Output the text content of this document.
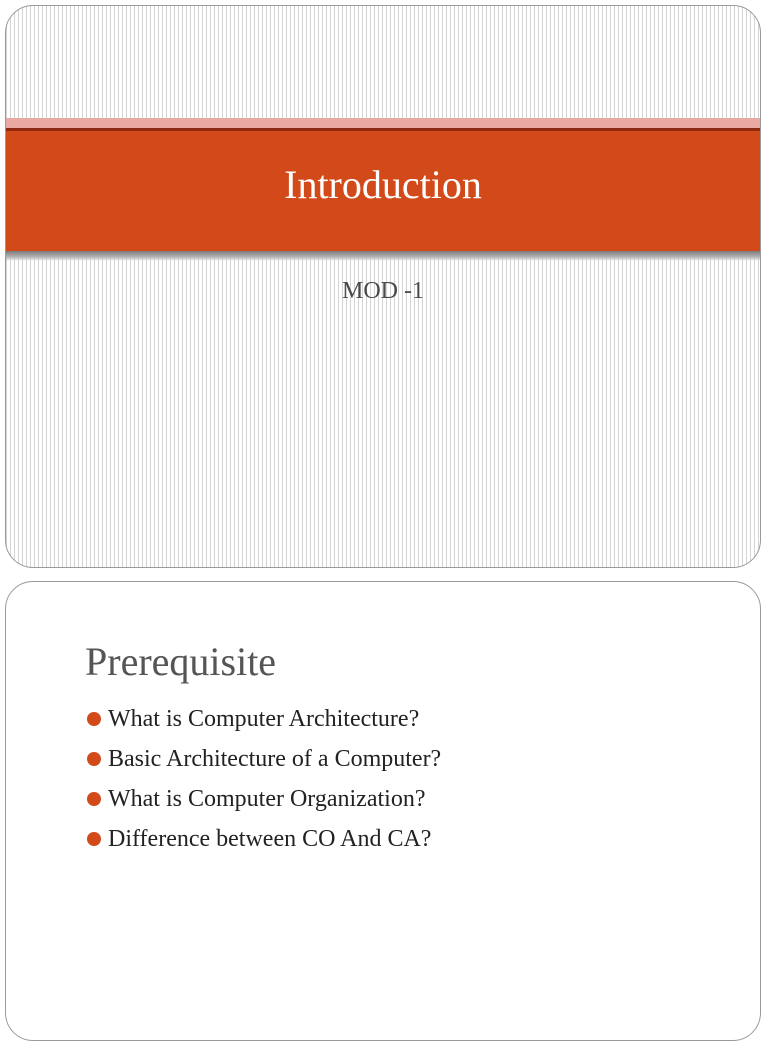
Introduction
MOD -1
Prerequisite
What is Computer Architecture?
Basic Architecture of a Computer?
What is Computer Organization?
Difference between CO And CA?
